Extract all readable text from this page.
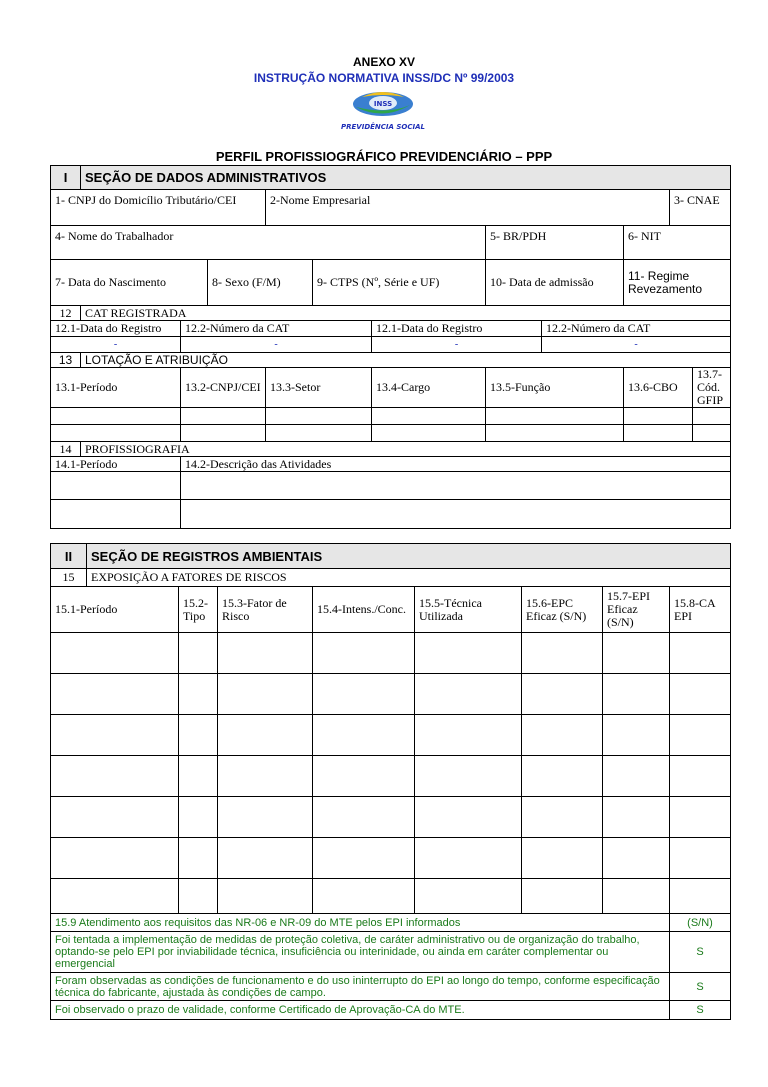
ANEXO XV
INSTRUÇÃO NORMATIVA INSS/DC Nº 99/2003
INSS
PREVIDÊNCIA SOCIAL
PERFIL PROFISSIOGRÁFICO PREVIDENCIÁRIO – PPP
I	SEÇÃO DE DADOS ADMINISTRATIVOS										
1- CNPJ do Domicílio Tributário/CEI				2-Nome Empresarial						3- CNAE	
4- Nome do Trabalhador							5- BR/PDH		6- NIT		
7- Data do Nascimento			8- Sexo (F/M)		9- CTPS (Nº, Série e UF)		10- Data de admissão		11- Regime Revezamento		
12	CAT REGISTRADA										
12.1-Data do Registro		12.2-Número da CAT				12.1-Data do Registro		12.2-Número da CAT			
-		-				-		-			
13	LOTAÇÃO E ATRIBUIÇÃO										
13.1-Período		13.2-CNPJ/CEI		13.3-Setor		13.4-Cargo	13.5-Função		13.6-CBO		13.7- Cód. GFIP

14	PROFISSIOGRAFIA										
14.1-Período		14.2-Descrição das Atividades									

II	SEÇÃO DE REGISTROS AMBIENTAIS							
15	EXPOSIÇÃO A FATORES DE RISCOS							
15.1-Período		15.2-Tipo	15.3-Fator de Risco	15.4-Intens./Conc.	15.5-Técnica Utilizada	15.6-EPC Eficaz (S/N)	15.7-EPI Eficaz (S/N)	15.8-CA EPI

15.9 Atendimento aos requisitos das NR-06 e NR-09 do MTE pelos EPI informados								(S/N)
Foi tentada a implementação de medidas de proteção coletiva, de caráter administrativo ou de organização do trabalho, optando-se pelo EPI por inviabilidade técnica, insuficiência ou interinidade, ou ainda em caráter complementar ou emergencial								S
Foram observadas as condições de funcionamento e do uso ininterrupto do EPI ao longo do tempo, conforme especificação técnica do fabricante, ajustada às condições de campo.								S
Foi observado o prazo de validade, conforme Certificado de Aprovação-CA do MTE.								S
